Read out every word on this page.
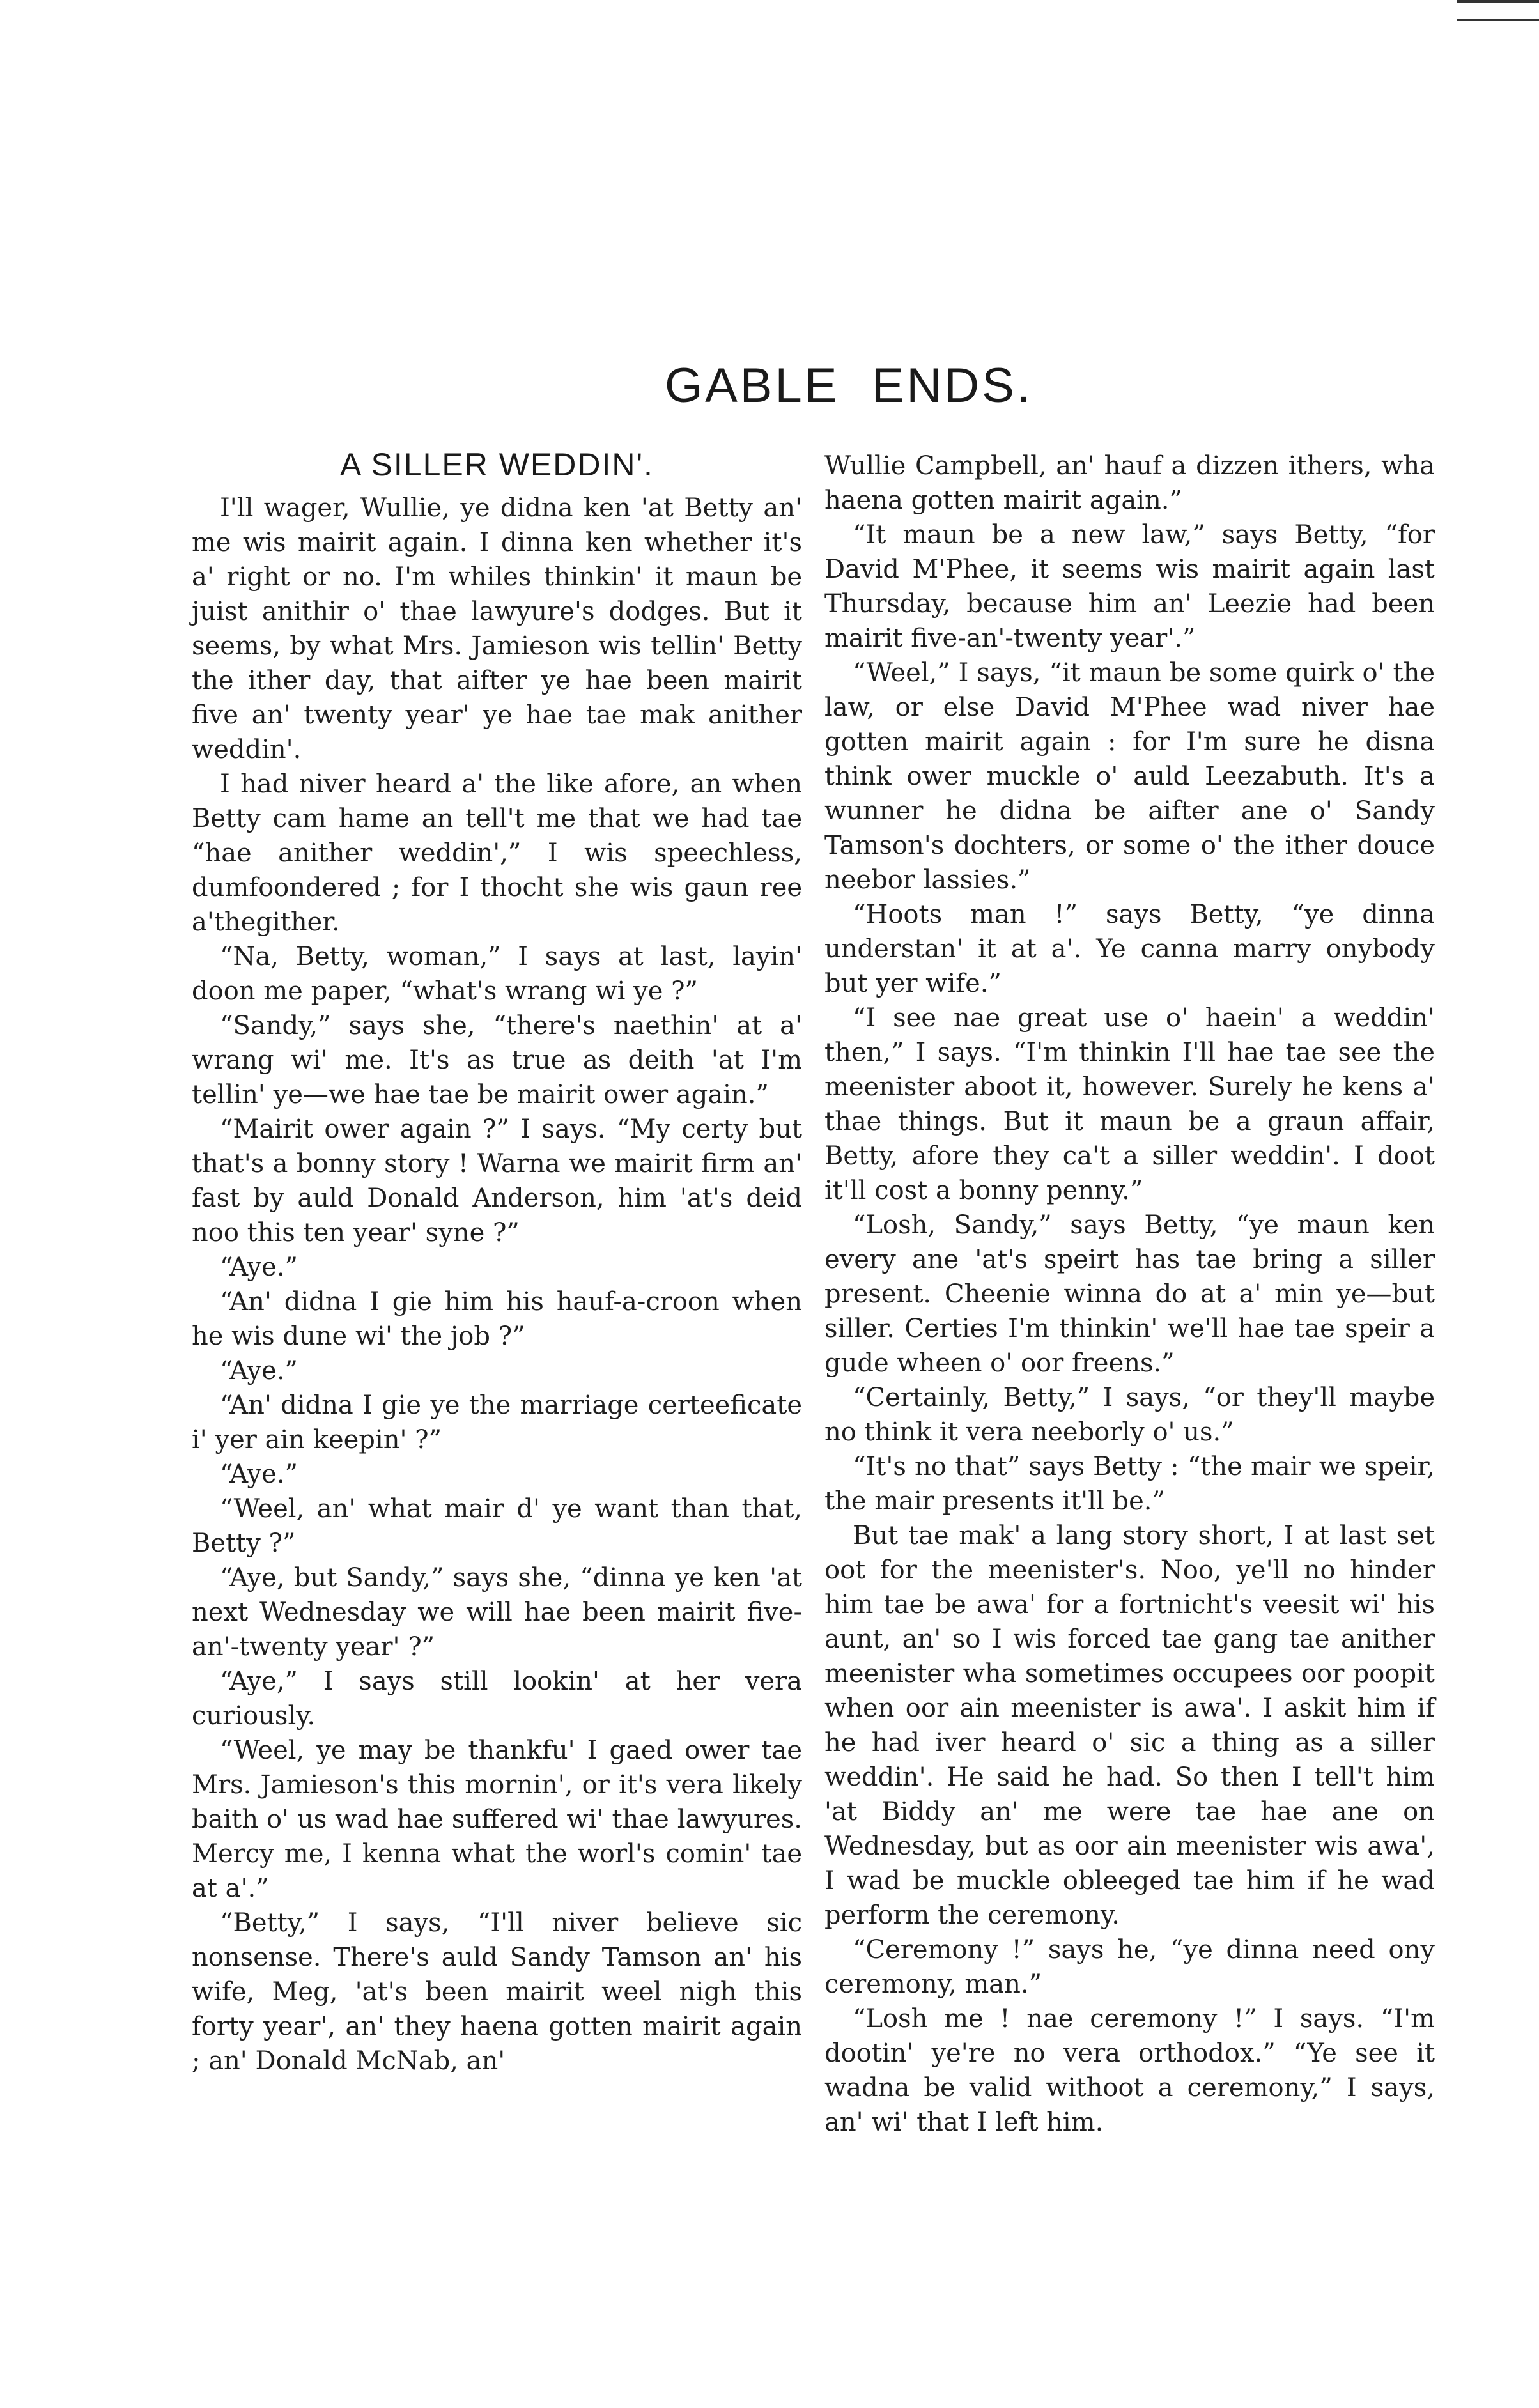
GABLE  ENDS.
A SILLER WEDDIN'.

I'll wager, Wullie, ye didna ken 'at Betty an' me wis mairit again. I dinna ken whether it's a' right or no. I'm whiles thinkin' it maun be juist anithir o' thae lawyure's dodges. But it seems, by what Mrs. Jamieson wis tellin' Betty the ither day, that aifter ye hae been mairit five an' twenty year' ye hae tae mak anither weddin'.

I had niver heard a' the like afore, an when Betty cam hame an tell't me that we had tae “hae anither weddin',” I wis speechless, dumfoondered ; for I thocht she wis gaun ree a'thegither.

“Na, Betty, woman,” I says at last, layin' doon me paper, “what's wrang wi ye ?”

“Sandy,” says she, “there's naethin' at a' wrang wi' me. It's as true as deith 'at I'm tellin' ye—we hae tae be mairit ower again.”

“Mairit ower again ?” I says. “My certy but that's a bonny story ! Warna we mairit firm an' fast by auld Donald Anderson, him 'at's deid noo this ten year' syne ?”

“Aye.”

“An' didna I gie him his hauf-a-croon when he wis dune wi' the job ?”

“Aye.”

“An' didna I gie ye the marriage certeeficate i' yer ain keepin' ?”

“Aye.”

“Weel, an' what mair d' ye want than that, Betty ?”

“Aye, but Sandy,” says she, “dinna ye ken 'at next Wednesday we will hae been mairit five-an'-twenty year' ?”

“Aye,” I says still lookin' at her vera curiously.

“Weel, ye may be thankfu' I gaed ower tae Mrs. Jamieson's this mornin', or it's vera likely baith o' us wad hae suffered wi' thae lawyures. Mercy me, I kenna what the worl's comin' tae at a'.”

“Betty,” I says, “I'll niver believe sic nonsense. There's auld Sandy Tamson an' his wife, Meg, 'at's been mairit weel nigh this forty year', an' they haena gotten mairit again ; an' Donald McNab, an'

Wullie Campbell, an' hauf a dizzen ithers, wha haena gotten mairit again.”

“It maun be a new law,” says Betty, “for David M'Phee, it seems wis mairit again last Thursday, because him an' Leezie had been mairit five-an'-twenty year'.”

“Weel,” I says, “it maun be some quirk o' the law, or else David M'Phee wad niver hae gotten mairit again : for I'm sure he disna think ower muckle o' auld Leezabuth. It's a wunner he didna be aifter ane o' Sandy Tamson's dochters, or some o' the ither douce neebor lassies.”

“Hoots man !” says Betty, “ye dinna understan' it at a'. Ye canna marry onybody but yer wife.”

“I see nae great use o' haein' a weddin' then,” I says. “I'm thinkin I'll hae tae see the meenister aboot it, however. Surely he kens a' thae things. But it maun be a graun affair, Betty, afore they ca't a siller weddin'. I doot it'll cost a bonny penny.”

“Losh, Sandy,” says Betty, “ye maun ken every ane 'at's speirt has tae bring a siller present. Cheenie winna do at a' min ye—but siller. Certies I'm thinkin' we'll hae tae speir a gude wheen o' oor freens.”

“Certainly, Betty,” I says, “or they'll maybe no think it vera neeborly o' us.”

“It's no that” says Betty : “the mair we speir, the mair presents it'll be.”

But tae mak' a lang story short, I at last set oot for the meenister's. Noo, ye'll no hinder him tae be awa' for a fortnicht's veesit wi' his aunt, an' so I wis forced tae gang tae anither meenister wha sometimes occupees oor poopit when oor ain meenister is awa'. I askit him if he had iver heard o' sic a thing as a siller weddin'. He said he had. So then I tell't him 'at Biddy an' me were tae hae ane on Wednesday, but as oor ain meenister wis awa', I wad be muckle obleeged tae him if he wad perform the ceremony.

“Ceremony !” says he, “ye dinna need ony ceremony, man.”

“Losh me ! nae ceremony !” I says. “I'm dootin' ye're no vera orthodox.” “Ye see it wadna be valid withoot a ceremony,” I says, an' wi' that I left him.
